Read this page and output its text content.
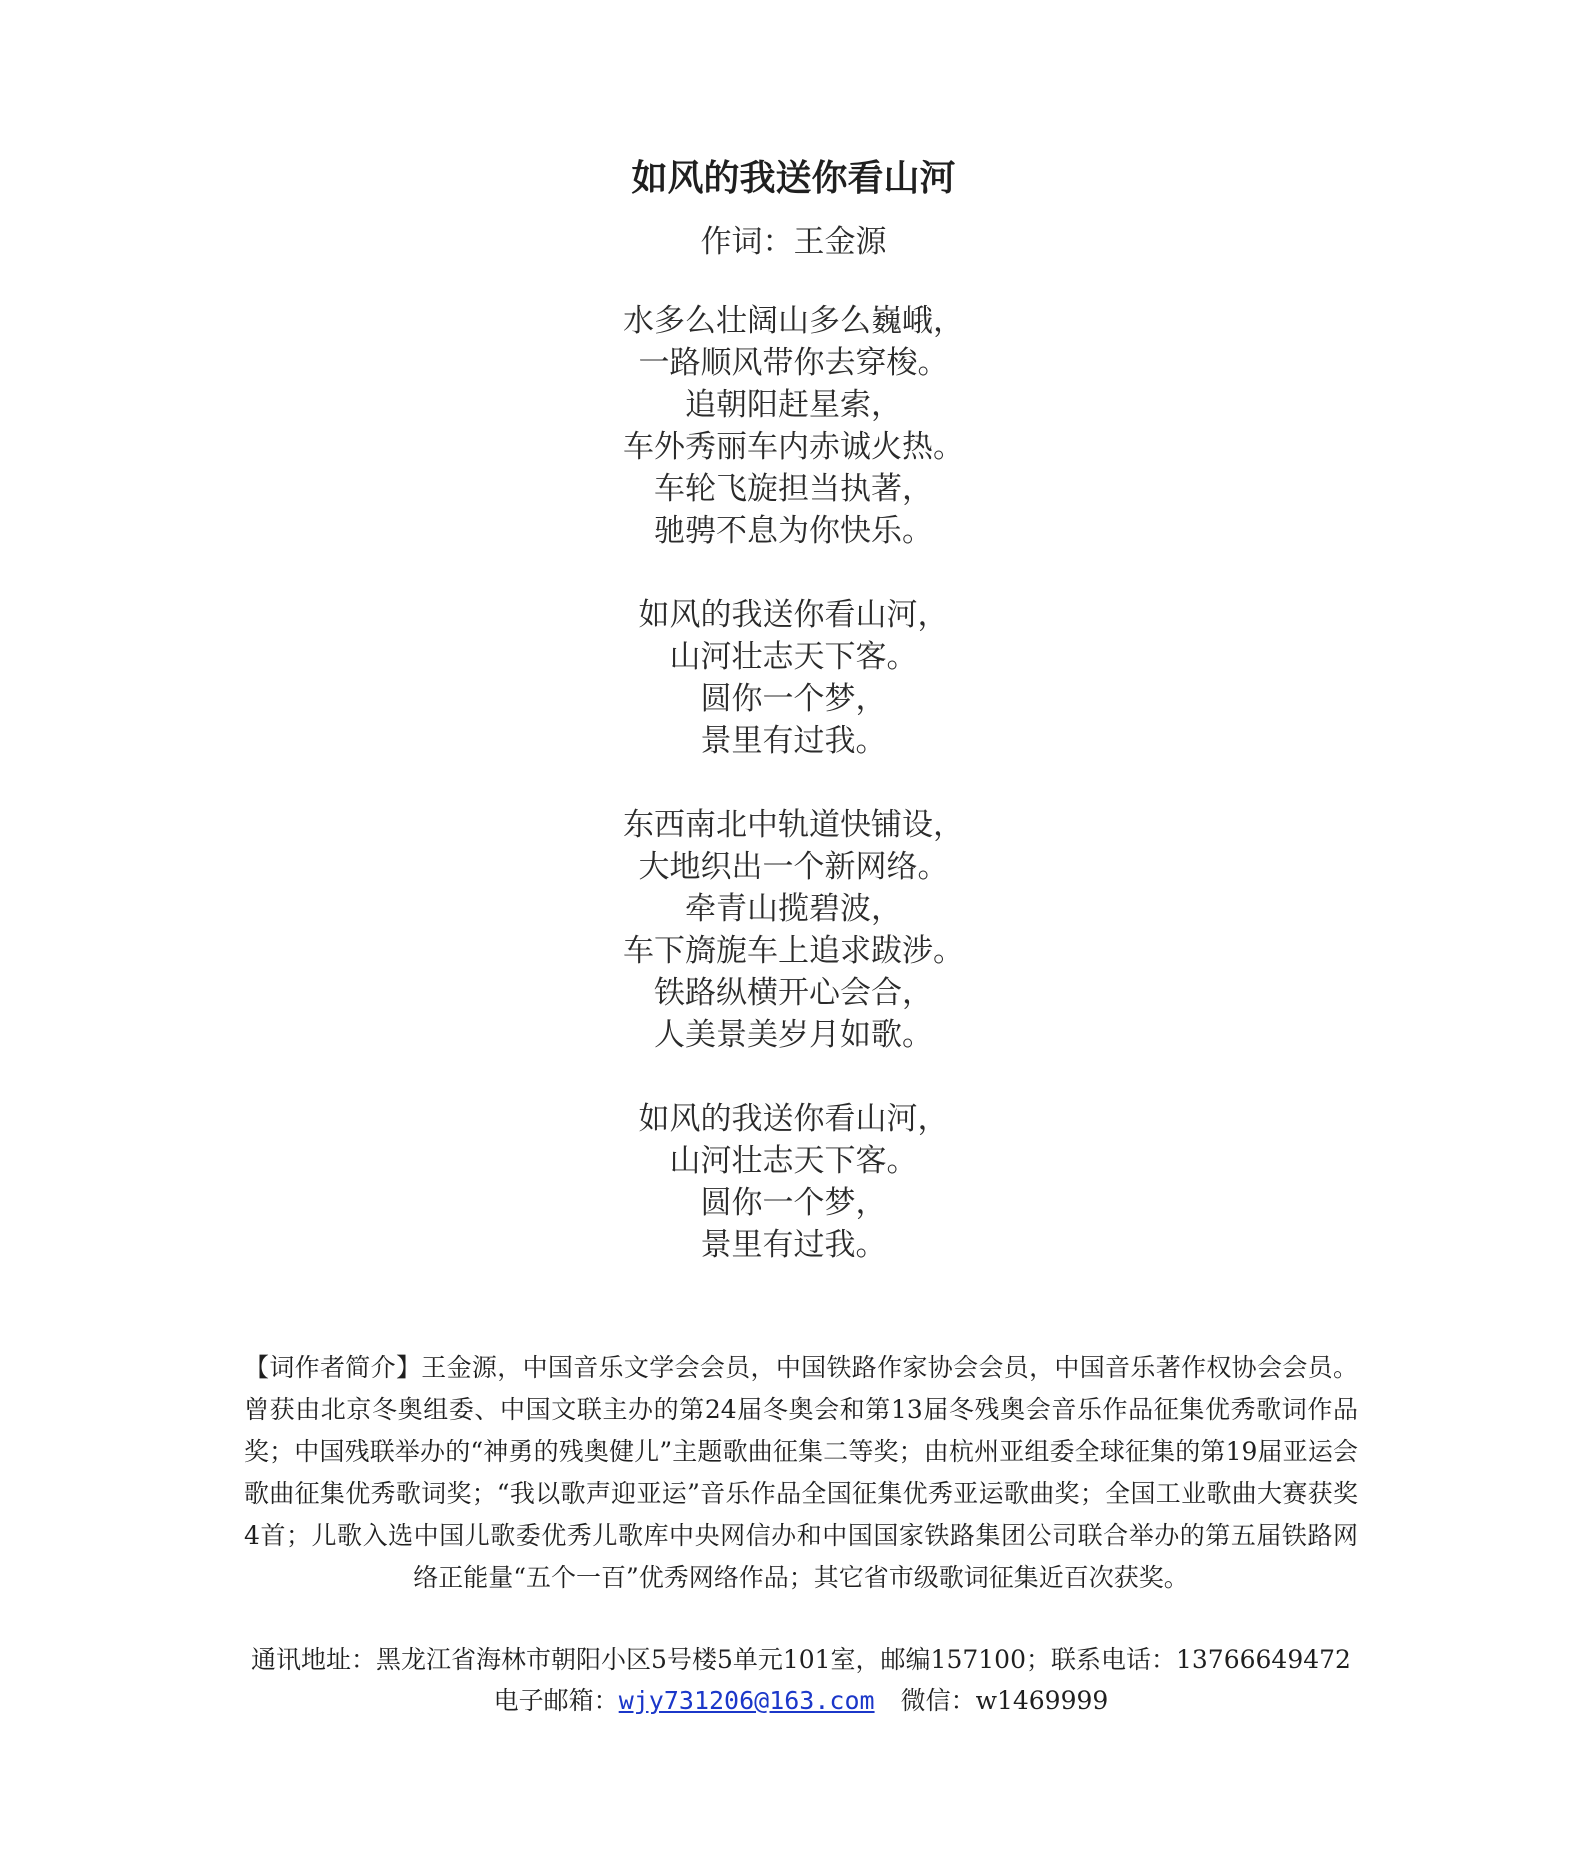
如风的我送你看山河
作词：王金源
水多么壮阔山多么巍峨，
一路顺风带你去穿梭。
追朝阳赶星索，
车外秀丽车内赤诚火热。
车轮飞旋担当执著，
驰骋不息为你快乐。
如风的我送你看山河，
山河壮志天下客。
圆你一个梦，
景里有过我。
东西南北中轨道快铺设，
大地织出一个新网络。
牵青山揽碧波，
车下旖旎车上追求跋涉。
铁路纵横开心会合，
人美景美岁月如歌。
如风的我送你看山河，
山河壮志天下客。
圆你一个梦，
景里有过我。
【词作者简介】王金源，中国音乐文学会会员，中国铁路作家协会会员，中国音乐著作权协会会员。曾获由北京冬奥组委、中国文联主办的第24届冬奥会和第13届冬残奥会音乐作品征集优秀歌词作品奖；中国残联举办的“神勇的残奥健儿”主题歌曲征集二等奖；由杭州亚组委全球征集的第19届亚运会歌曲征集优秀歌词奖；“我以歌声迎亚运”音乐作品全国征集优秀亚运歌曲奖；全国工业歌曲大赛获奖4首；儿歌入选中国儿歌委优秀儿歌库中央网信办和中国国家铁路集团公司联合举办的第五届铁路网络正能量“五个一百”优秀网络作品；其它省市级歌词征集近百次获奖。
通讯地址：黑龙江省海林市朝阳小区5号楼5单元101室，邮编157100；联系电话：13766649472
电子邮箱：wjy731206@163.com 微信：w1469999
